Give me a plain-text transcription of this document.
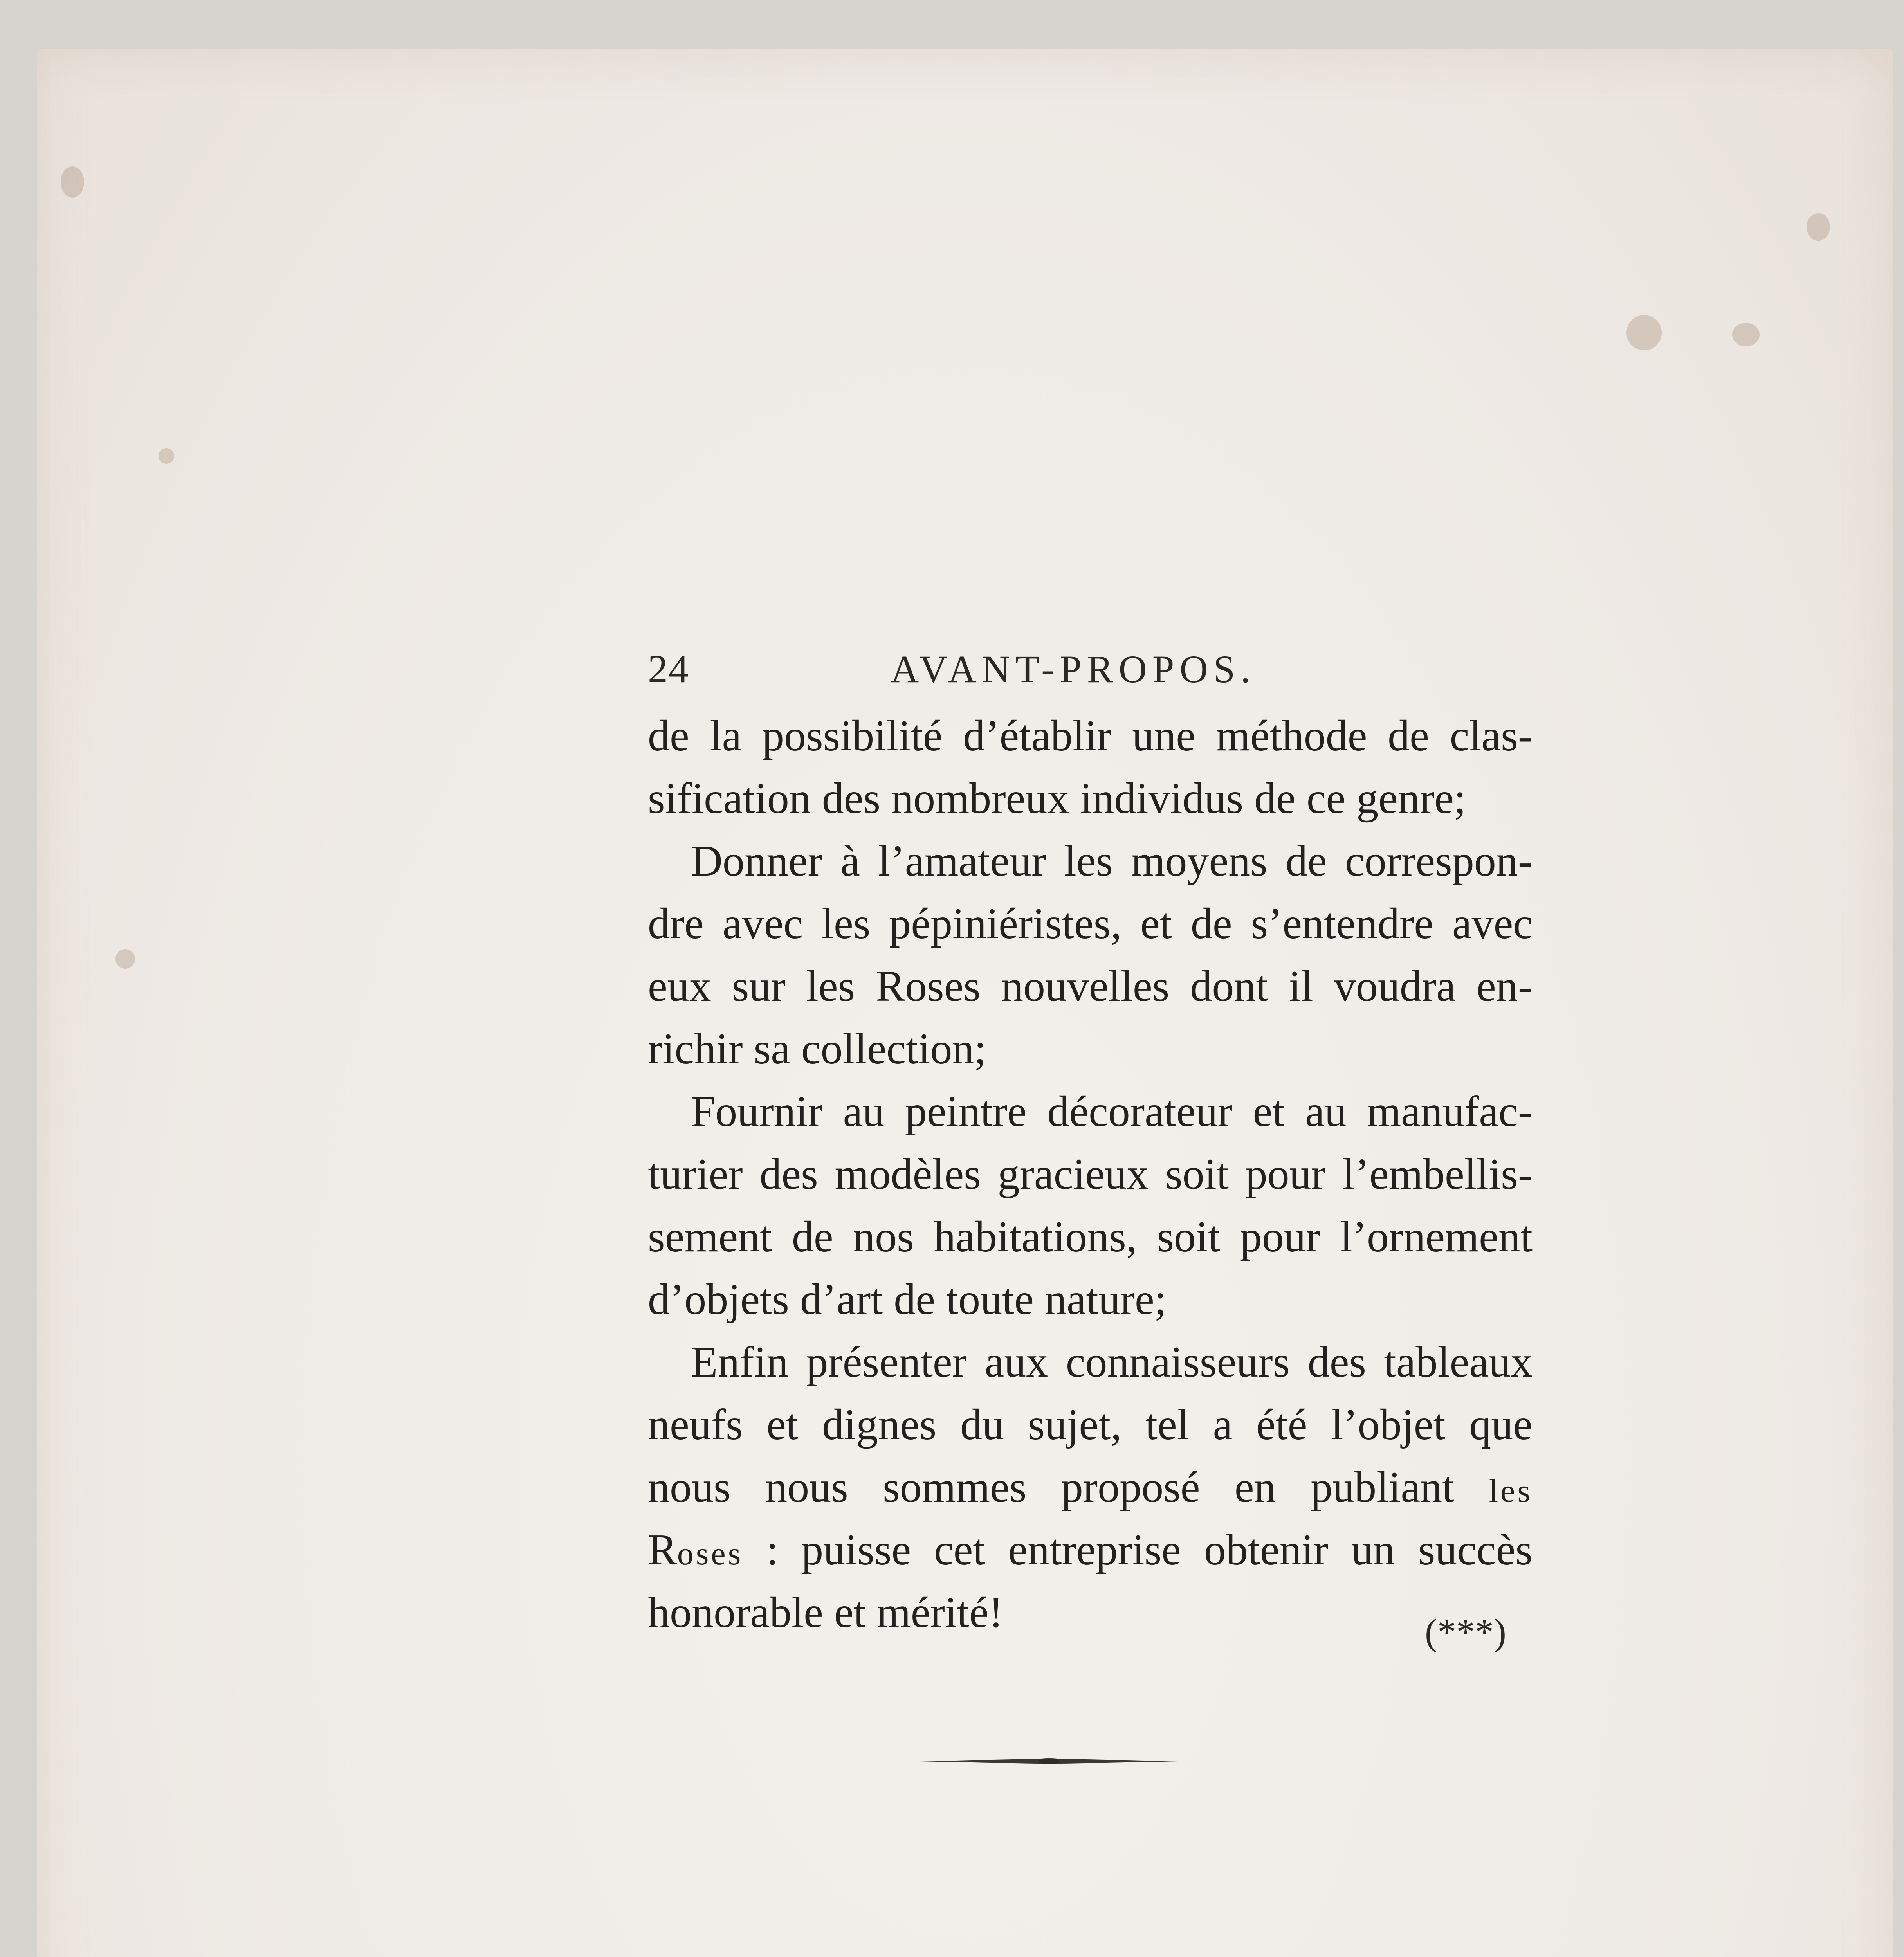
24	AVANT-PROPOS.
de la possibilité d’établir une méthode de clas-
sification des nombreux individus de ce genre;
Donner à l’amateur les moyens de correspon-
dre avec les pépiniéristes, et de s’entendre avec
eux sur les Roses nouvelles dont il voudra en-
richir sa collection;
Fournir au peintre décorateur et au manufac-
turier des modèles gracieux soit pour l’embellis-
sement de nos habitations, soit pour l’ornement
d’objets d’art de toute nature;
Enfin présenter aux connaisseurs des tableaux
neufs et dignes du sujet, tel a été l’objet que
nous nous sommes proposé en publiant les
Roses : puisse cet entreprise obtenir un succès
honorable et mérité!	(***)
